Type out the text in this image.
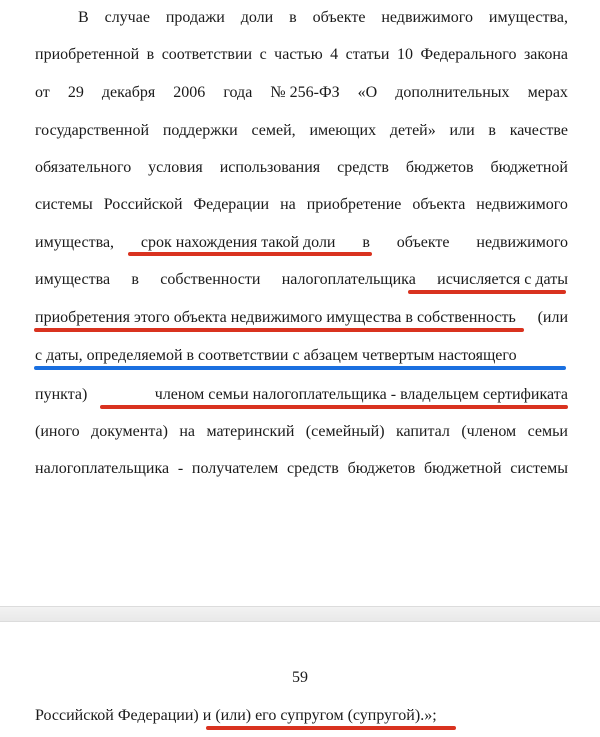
В случае продажи доли в объекте недвижимого имущества,
приобретенной в соответствии с частью 4 статьи 10 Федерального закона
от 29 декабря 2006 года № 256-ФЗ «О дополнительных мерах
государственной поддержки семей, имеющих детей» или в качестве
обязательного условия использования средств бюджетов бюджетной
системы Российской Федерации на приобретение объекта недвижимого
имущества, срок нахождения такой доли в объекте недвижимого
имущества в собственности налогоплательщика исчисляется с даты
приобретения этого объекта недвижимого имущества в собственность (или
с даты, определяемой в соответствии с абзацем четвертым настоящего
пункта)	членом семьи налогоплательщика - владельцем сертификата
(иного документа) на материнский (семейный) капитал (членом семьи
налогоплательщика - получателем средств бюджетов бюджетной системы
59
Российской Федерации) и (или) его супругом (супругой).»;
